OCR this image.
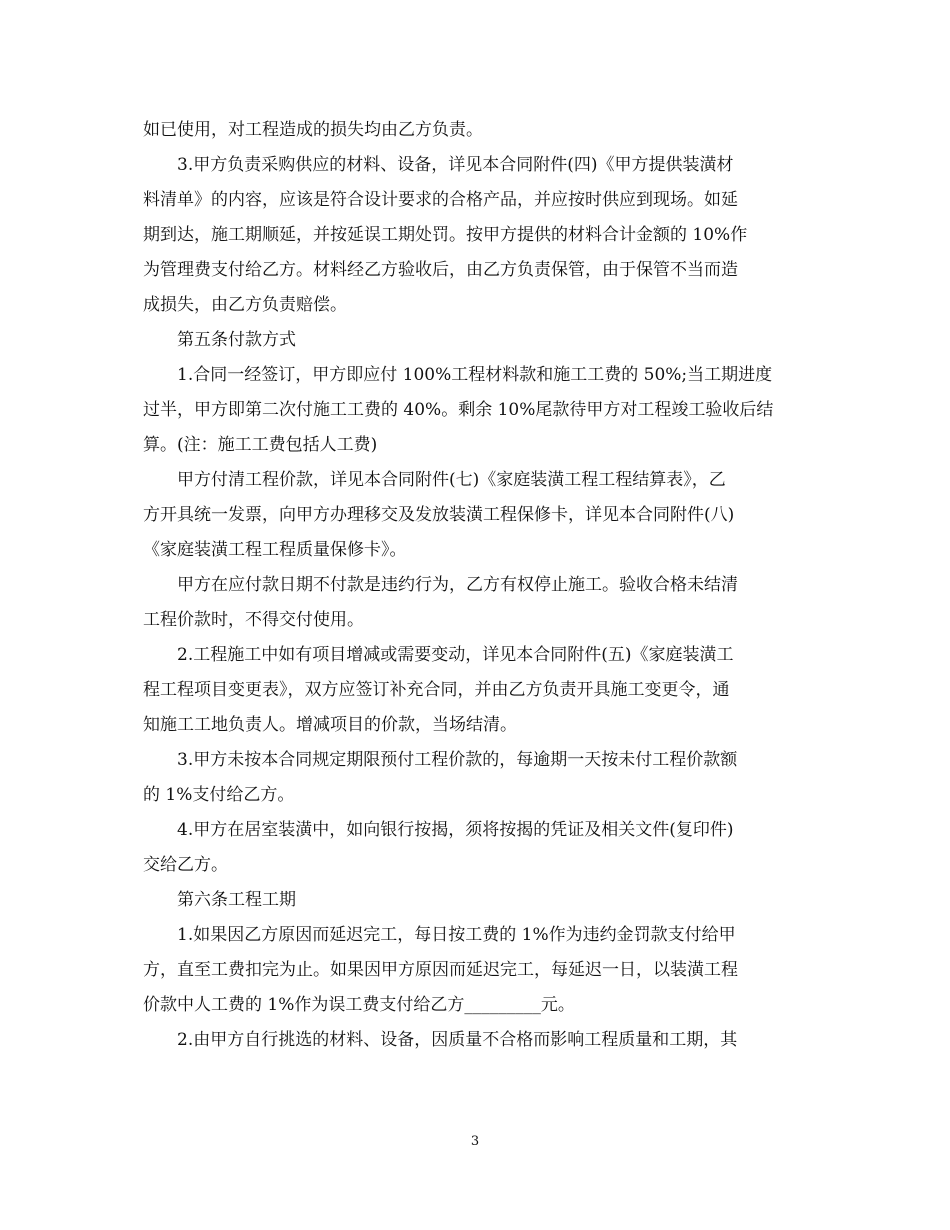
如已使用，对工程造成的损失均由乙方负责。
3.甲方负责采购供应的材料、设备，详见本合同附件(四)《甲方提供装潢材
料清单》的内容，应该是符合设计要求的合格产品，并应按时供应到现场。如延
期到达，施工期顺延，并按延误工期处罚。按甲方提供的材料合计金额的 10%作
为管理费支付给乙方。材料经乙方验收后，由乙方负责保管，由于保管不当而造
成损失，由乙方负责赔偿。
第五条付款方式
1.合同一经签订，甲方即应付 100%工程材料款和施工工费的 50%;当工期进度
过半，甲方即第二次付施工工费的 40%。剩余 10%尾款待甲方对工程竣工验收后结
算。(注：施工工费包括人工费)
甲方付清工程价款，详见本合同附件(七)《家庭装潢工程工程结算表》，乙
方开具统一发票，向甲方办理移交及发放装潢工程保修卡，详见本合同附件(八)
《家庭装潢工程工程质量保修卡》。
甲方在应付款日期不付款是违约行为，乙方有权停止施工。验收合格未结清
工程价款时，不得交付使用。
2.工程施工中如有项目增减或需要变动，详见本合同附件(五)《家庭装潢工
程工程项目变更表》，双方应签订补充合同，并由乙方负责开具施工变更令，通
知施工工地负责人。增减项目的价款，当场结清。
3.甲方未按本合同规定期限预付工程价款的，每逾期一天按未付工程价款额
的 1%支付给乙方。
4.甲方在居室装潢中，如向银行按揭，须将按揭的凭证及相关文件(复印件)
交给乙方。
第六条工程工期
1.如果因乙方原因而延迟完工，每日按工费的 1%作为违约金罚款支付给甲
方，直至工费扣完为止。如果因甲方原因而延迟完工，每延迟一日，以装潢工程
价款中人工费的 1%作为误工费支付给乙方_________元。
2.由甲方自行挑选的材料、设备，因质量不合格而影响工程质量和工期，其
3
